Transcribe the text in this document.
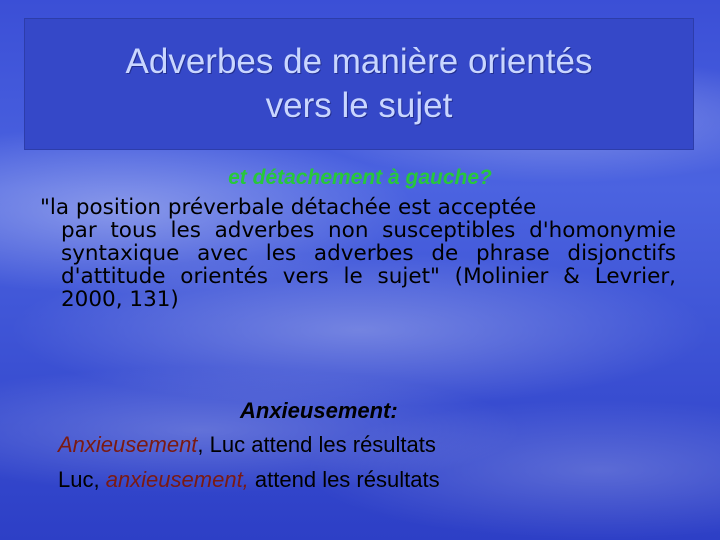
Adverbes de manière orientés
vers le sujet
et détachement à gauche?
"la position préverbale détachée est acceptée
par tous les adverbes non susceptibles d'homonymie syntaxique avec les adverbes de phrase disjonctifs d'attitude orientés vers le sujet" (Molinier & Levrier, 2000, 131)
Anxieusement:
Anxieusement, Luc attend les résultats
Luc, anxieusement, attend les résultats
